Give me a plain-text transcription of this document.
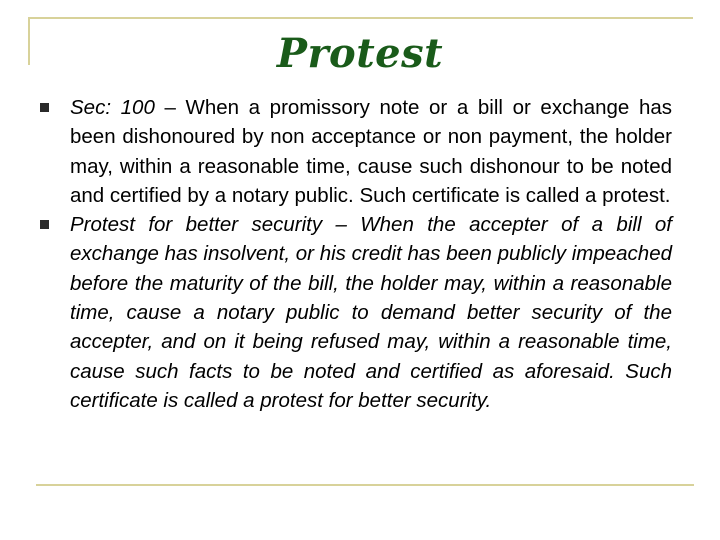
Protest
Sec: 100 – When a promissory note or a bill or exchange has been dishonoured by non acceptance or non payment, the holder may, within a reasonable time, cause such dishonour to be noted and certified by a notary public. Such certificate is called a protest.
Protest for better security – When the accepter of a bill of exchange has insolvent, or his credit has been publicly impeached before the maturity of the bill, the holder may, within a reasonable time, cause a notary public to demand better security of the accepter, and on it being refused may, within a reasonable time, cause such facts to be noted and certified as aforesaid. Such certificate is called a protest for better security.
